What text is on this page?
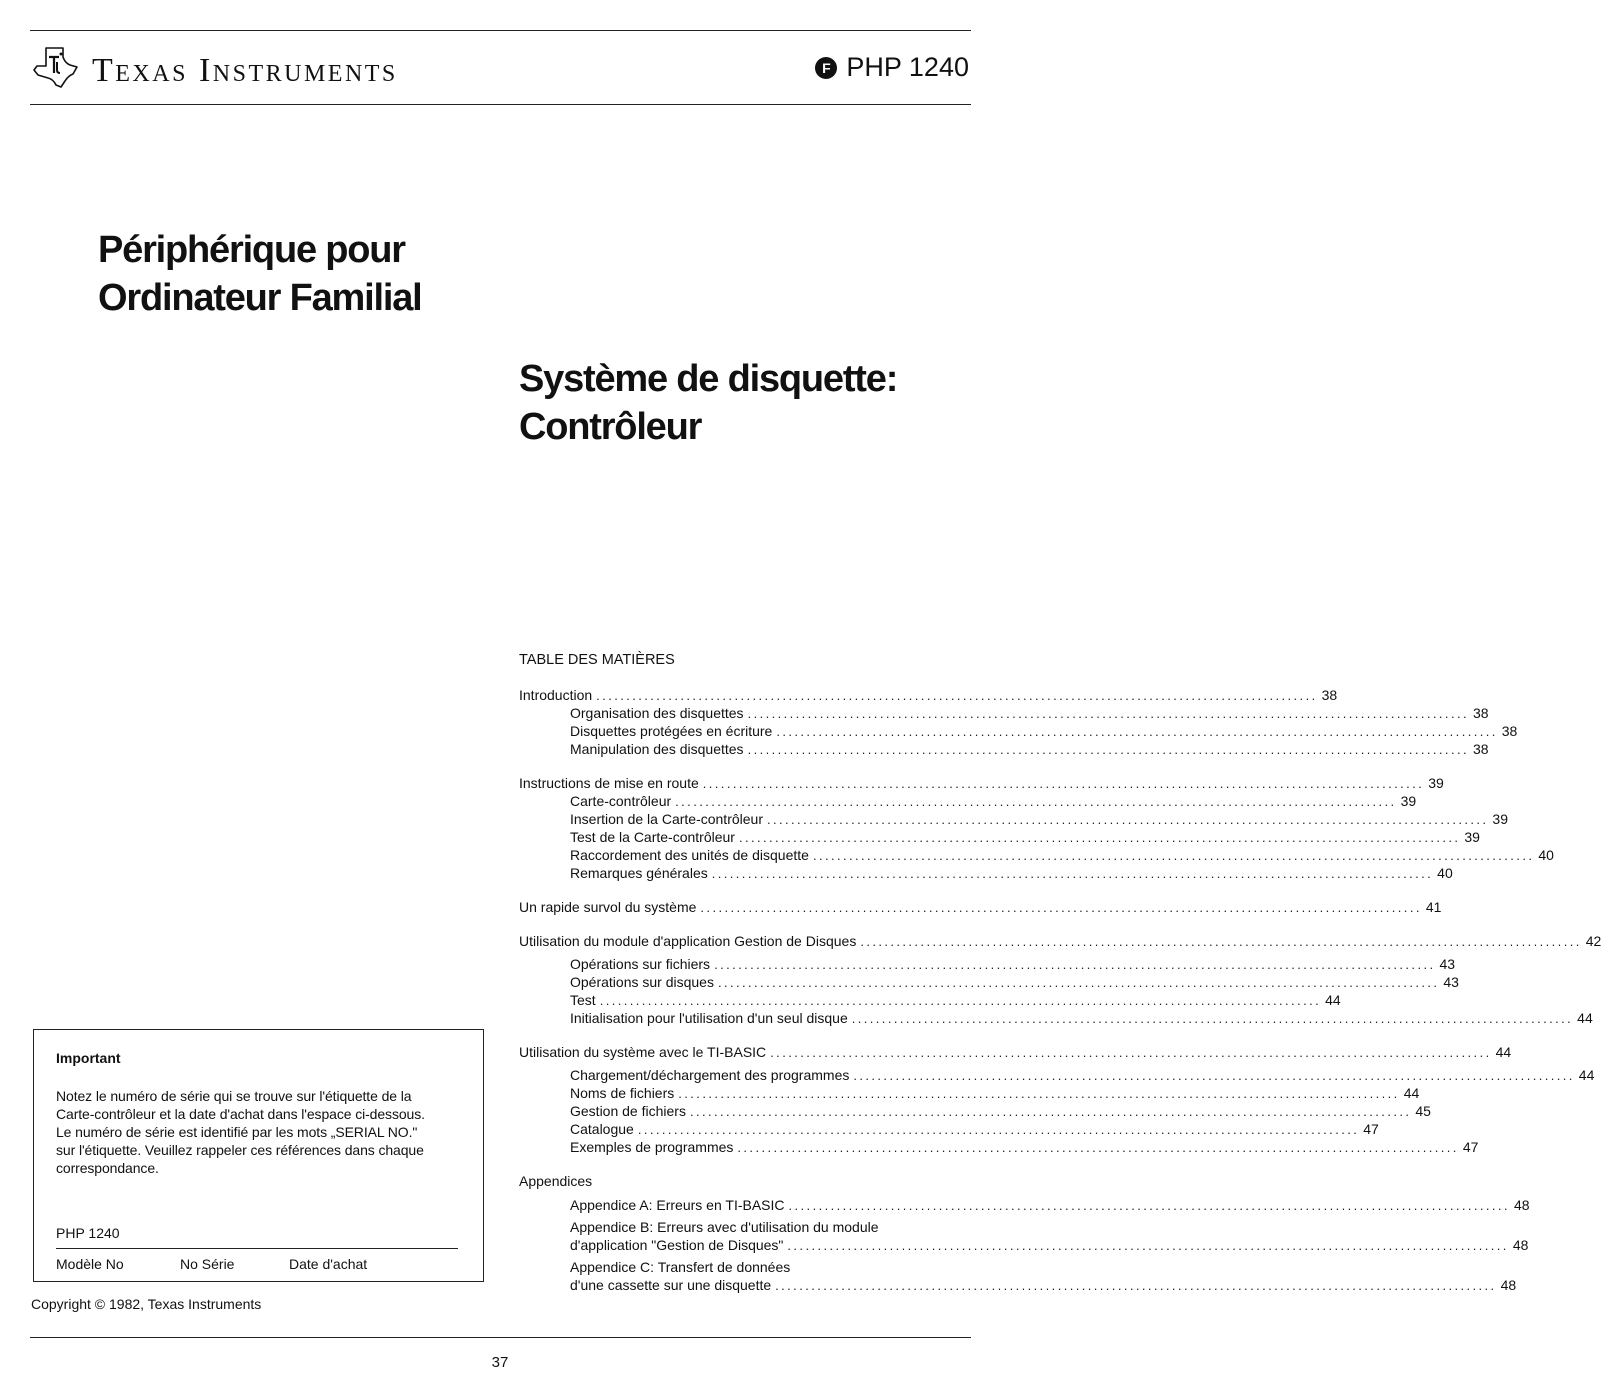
Texas Instruments	F PHP 1240
Périphérique pour
Ordinateur Familial
Système de disquette:
Contrôleur
TABLE DES MATIÈRES
Introduction ........................................................................................................................ 38
Organisation des disquettes ........................................................................................................................ 38
Disquettes protégées en écriture ........................................................................................................................ 38
Manipulation des disquettes ........................................................................................................................ 38
Instructions de mise en route ........................................................................................................................ 39
Carte-contrôleur ........................................................................................................................ 39
Insertion de la Carte-contrôleur ........................................................................................................................ 39
Test de la Carte-contrôleur ........................................................................................................................ 39
Raccordement des unités de disquette ........................................................................................................................ 40
Remarques générales ........................................................................................................................ 40
Un rapide survol du système ........................................................................................................................ 41
Utilisation du module d'application Gestion de Disques ........................................................................................................................ 42
Opérations sur fichiers ........................................................................................................................ 43
Opérations sur disques ........................................................................................................................ 43
Test ........................................................................................................................ 44
Initialisation pour l'utilisation d'un seul disque ........................................................................................................................ 44
Utilisation du système avec le TI-BASIC ........................................................................................................................ 44
Chargement/déchargement des programmes ........................................................................................................................ 44
Noms de fichiers ........................................................................................................................ 44
Gestion de fichiers ........................................................................................................................ 45
Catalogue ........................................................................................................................ 47
Exemples de programmes ........................................................................................................................ 47
Appendices
Appendice A: Erreurs en TI-BASIC ........................................................................................................................ 48
Appendice B: Erreurs avec d'utilisation du module
d'application "Gestion de Disques" ........................................................................................................................ 48
Appendice C: Transfert de données
d'une cassette sur une disquette ........................................................................................................................ 48
Important
Notez le numéro de série qui se trouve sur l'étiquette de la
Carte-contrôleur et la date d'achat dans l'espace ci-dessous.
Le numéro de série est identifié par les mots „SERIAL NO."
sur l'étiquette. Veuillez rappeler ces références dans chaque
correspondance.
PHP 1240
Modèle No	No Série	Date d'achat
Copyright © 1982, Texas Instruments
37
